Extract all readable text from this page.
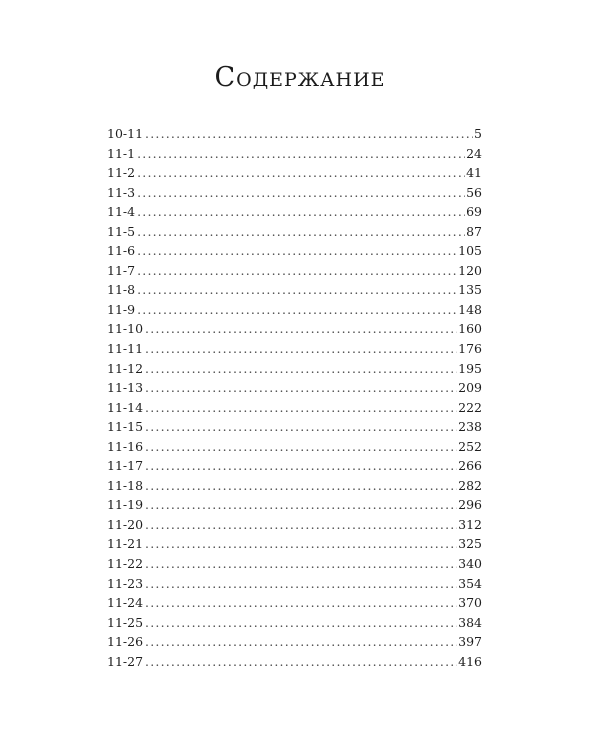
Содержание
10-11 .....	5
11-1 .....	24
11-2 .....	41
11-3 .....	56
11-4 .....	69
11-5 .....	87
11-6 .....	105
11-7 .....	120
11-8 .....	135
11-9 .....	148
11-10 .....	160
11-11 .....	176
11-12 .....	195
11-13 .....	209
11-14 .....	222
11-15 .....	238
11-16 .....	252
11-17 .....	266
11-18 .....	282
11-19 .....	296
11-20 .....	312
11-21 .....	325
11-22 .....	340
11-23 .....	354
11-24 .....	370
11-25 .....	384
11-26 .....	397
11-27 .....	416
